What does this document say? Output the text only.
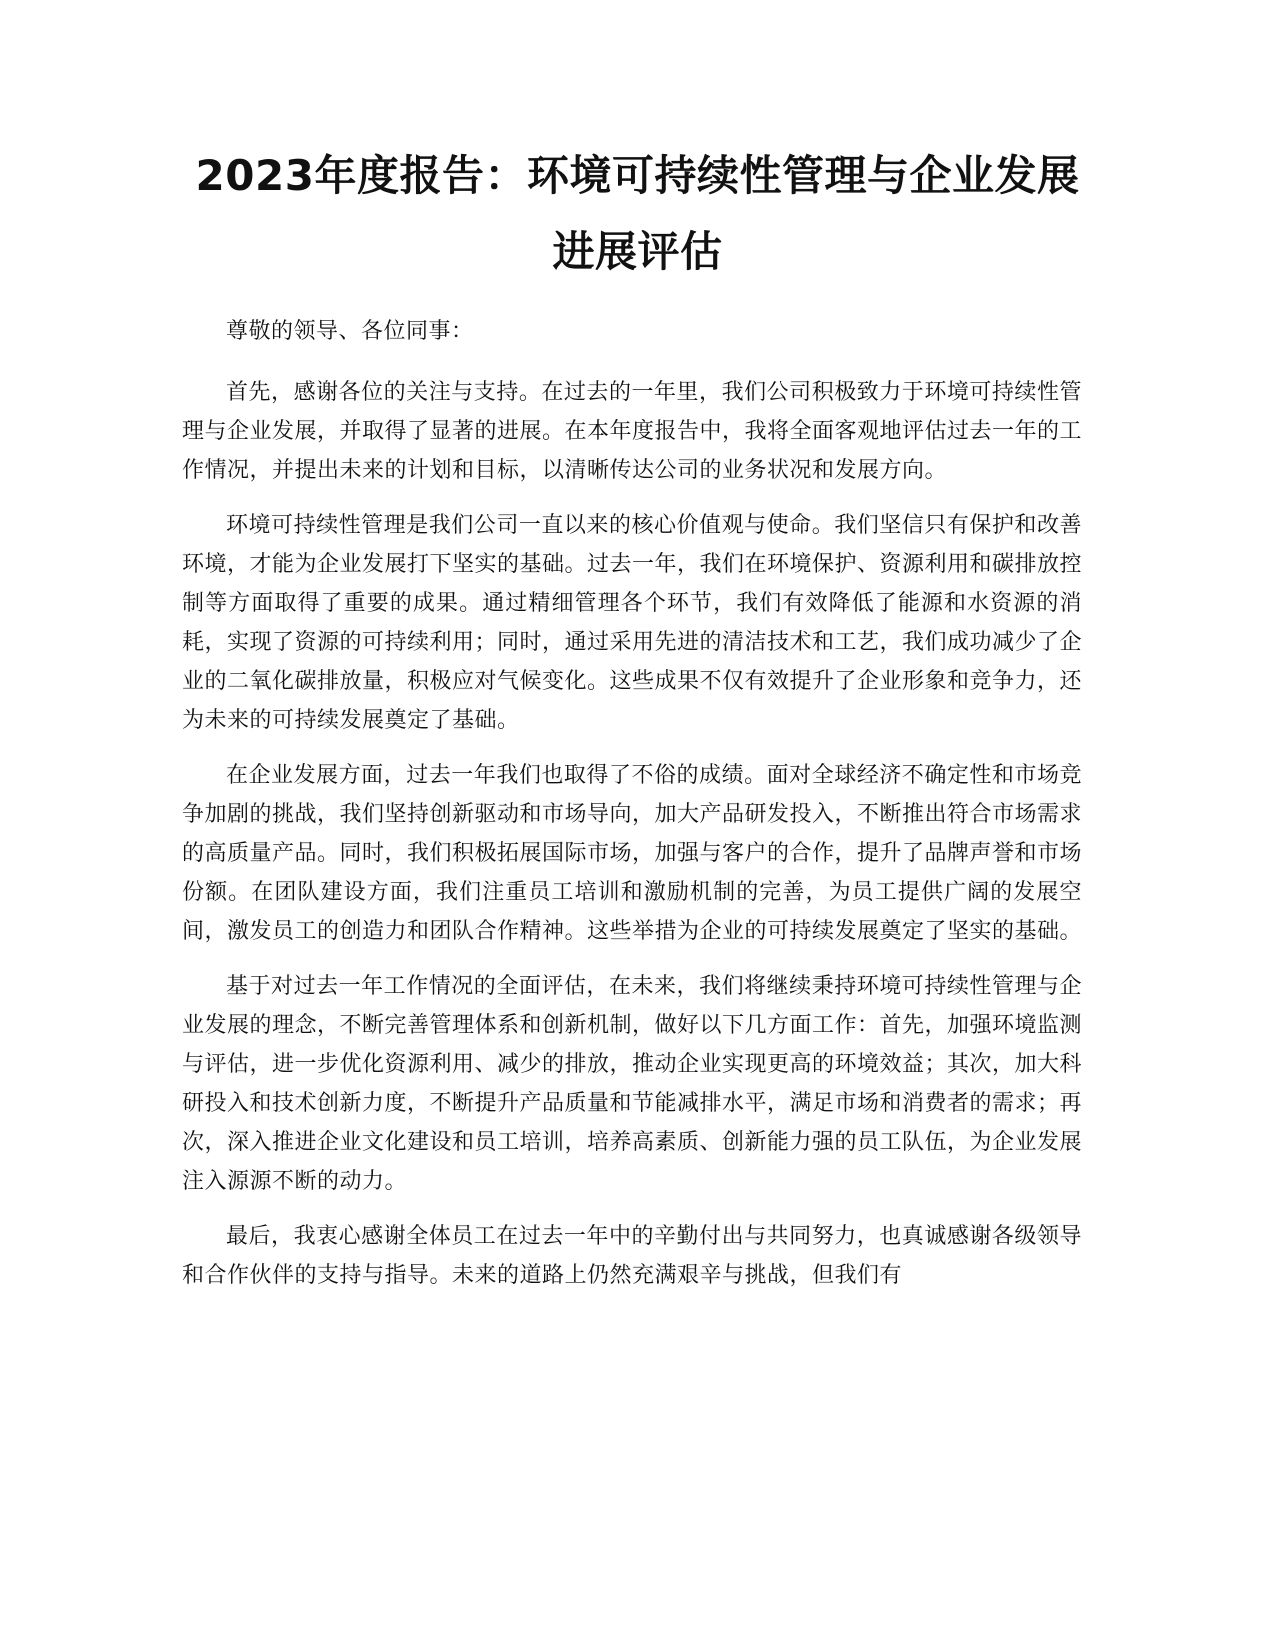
2023年度报告：环境可持续性管理与企业发展进展评估

尊敬的领导、各位同事：

首先，感谢各位的关注与支持。在过去的一年里，我们公司积极致力于环境可持续性管理与企业发展，并取得了显著的进展。在本年度报告中，我将全面客观地评估过去一年的工作情况，并提出未来的计划和目标，以清晰传达公司的业务状况和发展方向。

环境可持续性管理是我们公司一直以来的核心价值观与使命。我们坚信只有保护和改善环境，才能为企业发展打下坚实的基础。过去一年，我们在环境保护、资源利用和碳排放控制等方面取得了重要的成果。通过精细管理各个环节，我们有效降低了能源和水资源的消耗，实现了资源的可持续利用；同时，通过采用先进的清洁技术和工艺，我们成功减少了企业的二氧化碳排放量，积极应对气候变化。这些成果不仅有效提升了企业形象和竞争力，还为未来的可持续发展奠定了基础。

在企业发展方面，过去一年我们也取得了不俗的成绩。面对全球经济不确定性和市场竞争加剧的挑战，我们坚持创新驱动和市场导向，加大产品研发投入，不断推出符合市场需求的高质量产品。同时，我们积极拓展国际市场，加强与客户的合作，提升了品牌声誉和市场份额。在团队建设方面，我们注重员工培训和激励机制的完善，为员工提供广阔的发展空间，激发员工的创造力和团队合作精神。这些举措为企业的可持续发展奠定了坚实的基础。

基于对过去一年工作情况的全面评估，在未来，我们将继续秉持环境可持续性管理与企业发展的理念，不断完善管理体系和创新机制，做好以下几方面工作：首先，加强环境监测与评估，进一步优化资源利用、减少的排放，推动企业实现更高的环境效益；其次，加大科研投入和技术创新力度，不断提升产品质量和节能减排水平，满足市场和消费者的需求；再次，深入推进企业文化建设和员工培训，培养高素质、创新能力强的员工队伍，为企业发展注入源源不断的动力。

最后，我衷心感谢全体员工在过去一年中的辛勤付出与共同努力，也真诚感谢各级领导和合作伙伴的支持与指导。未来的道路上仍然充满艰辛与挑战，但我们有
